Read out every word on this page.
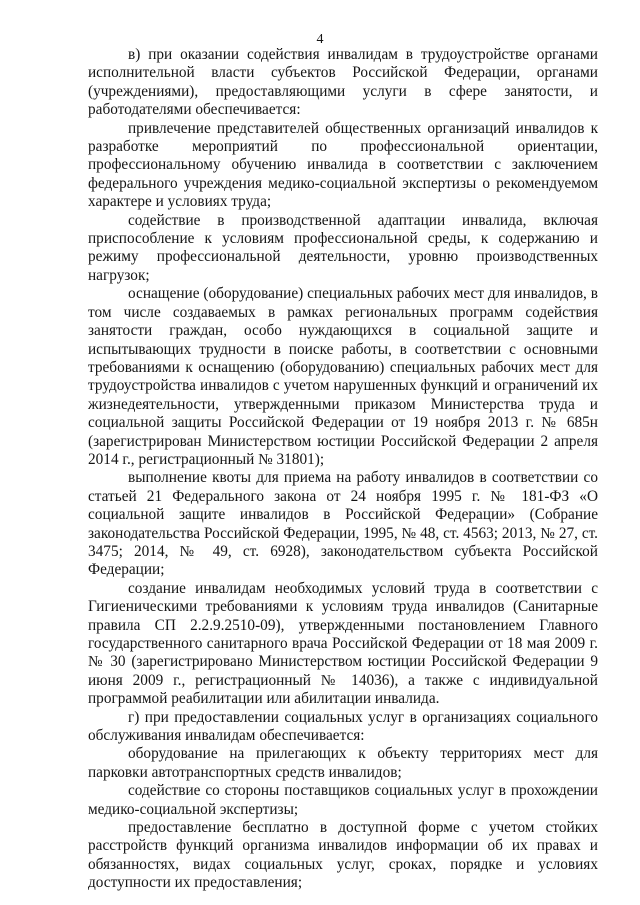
4

в) при оказании содействия инвалидам в трудоустройстве органами исполнительной власти субъектов Российской Федерации, органами (учреждениями), предоставляющими услуги в сфере занятости, и работодателями обеспечивается:

привлечение представителей общественных организаций инвалидов к разработке мероприятий по профессиональной ориентации, профессиональному обучению инвалида в соответствии с заключением федерального учреждения медико-социальной экспертизы о рекомендуемом характере и условиях труда;

содействие в производственной адаптации инвалида, включая приспособление к условиям профессиональной среды, к содержанию и режиму профессиональной деятельности, уровню производственных нагрузок;

оснащение (оборудование) специальных рабочих мест для инвалидов, в том числе создаваемых в рамках региональных программ содействия занятости граждан, особо нуждающихся в социальной защите и испытывающих трудности в поиске работы, в соответствии с основными требованиями к оснащению (оборудованию) специальных рабочих мест для трудоустройства инвалидов с учетом нарушенных функций и ограничений их жизнедеятельности, утвержденными приказом Министерства труда и социальной защиты Российской Федерации от 19 ноября 2013 г. № 685н (зарегистрирован Министерством юстиции Российской Федерации 2 апреля 2014 г., регистрационный № 31801);

выполнение квоты для приема на работу инвалидов в соответствии со статьей 21 Федерального закона от 24 ноября 1995 г. № 181-ФЗ «О социальной защите инвалидов в Российской Федерации» (Собрание законодательства Российской Федерации, 1995, № 48, ст. 4563; 2013, № 27, ст. 3475; 2014, № 49, ст. 6928), законодательством субъекта Российской Федерации;

создание инвалидам необходимых условий труда в соответствии с Гигиеническими требованиями к условиям труда инвалидов (Санитарные правила СП 2.2.9.2510-09), утвержденными постановлением Главного государственного санитарного врача Российской Федерации от 18 мая 2009 г. № 30 (зарегистрировано Министерством юстиции Российской Федерации 9 июня 2009 г., регистрационный № 14036), а также с индивидуальной программой реабилитации или абилитации инвалида.

г) при предоставлении социальных услуг в организациях социального обслуживания инвалидам обеспечивается:

оборудование на прилегающих к объекту территориях мест для парковки автотранспортных средств инвалидов;

содействие со стороны поставщиков социальных услуг в прохождении медико-социальной экспертизы;

предоставление бесплатно в доступной форме с учетом стойких расстройств функций организма инвалидов информации об их правах и обязанностях, видах социальных услуг, сроках, порядке и условиях доступности их предоставления;
